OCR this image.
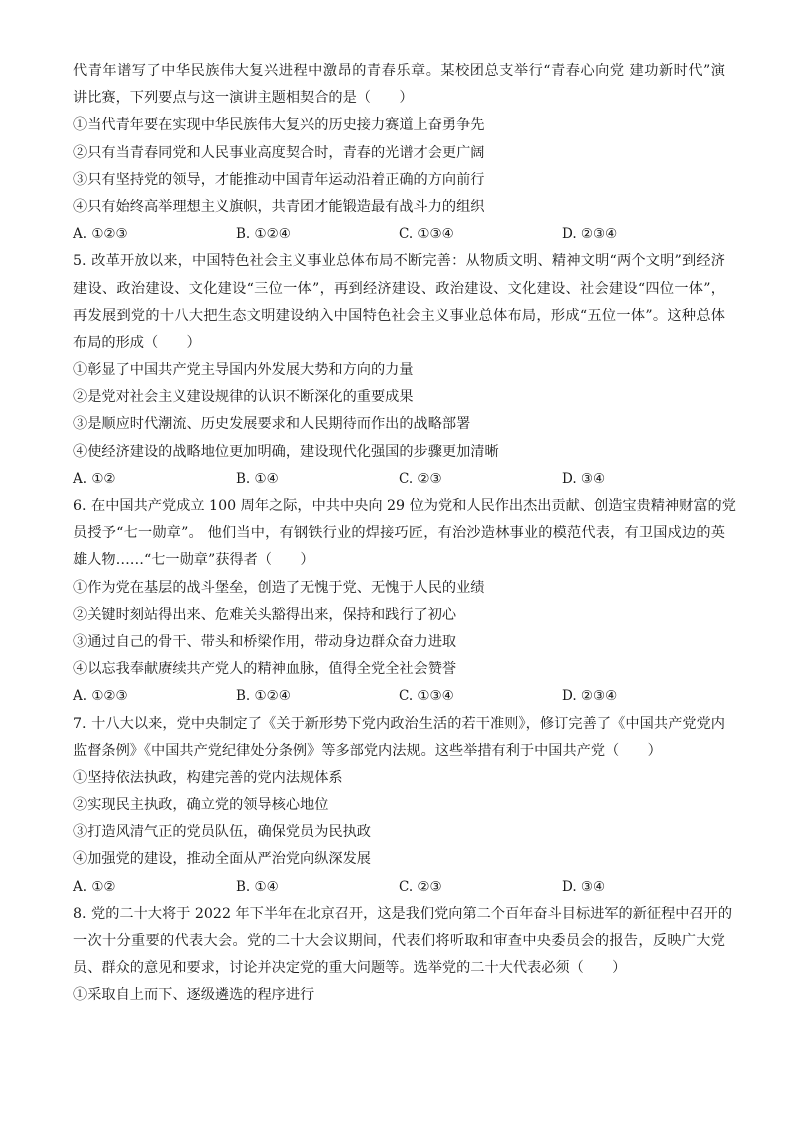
代青年谱写了中华民族伟大复兴进程中激昂的青春乐章。某校团总支举行“青春心向党 建功新时代”演
讲比赛，下列要点与这一演讲主题相契合的是（　　）
①当代青年要在实现中华民族伟大复兴的历史接力赛道上奋勇争先
②只有当青春同党和人民事业高度契合时，青春的光谱才会更广阔
③只有坚持党的领导，才能推动中国青年运动沿着正确的方向前行
④只有始终高举理想主义旗帜，共青团才能锻造最有战斗力的组织
A. ①②③	B. ①②④	C. ①③④	D. ②③④
5. 改革开放以来，中国特色社会主义事业总体布局不断完善：从物质文明、精神文明“两个文明”到经济
建设、政治建设、文化建设“三位一体”，再到经济建设、政治建设、文化建设、社会建设“四位一体”，
再发展到党的十八大把生态文明建设纳入中国特色社会主义事业总体布局，形成“五位一体”。这种总体
布局的形成（　　）
①彰显了中国共产党主导国内外发展大势和方向的力量
②是党对社会主义建设规律的认识不断深化的重要成果
③是顺应时代潮流、历史发展要求和人民期待而作出的战略部署
④使经济建设的战略地位更加明确，建设现代化强国的步骤更加清晰
A. ①②	B. ①④	C. ②③	D. ③④
6. 在中国共产党成立 100 周年之际，中共中央向 29 位为党和人民作出杰出贡献、创造宝贵精神财富的党
员授予“七一勋章”。 他们当中，有钢铁行业的焊接巧匠，有治沙造林事业的模范代表，有卫国戍边的英
雄人物……“七一勋章”获得者（　　）
①作为党在基层的战斗堡垒，创造了无愧于党、无愧于人民的业绩
②关键时刻站得出来、危难关头豁得出来，保持和践行了初心
③通过自己的骨干、带头和桥梁作用，带动身边群众奋力进取
④以忘我奉献赓续共产党人的精神血脉，值得全党全社会赞誉
A. ①②③	B. ①②④	C. ①③④	D. ②③④
7. 十八大以来，党中央制定了《关于新形势下党内政治生活的若干准则》，修订完善了《中国共产党党内
监督条例》《中国共产党纪律处分条例》等多部党内法规。这些举措有利于中国共产党（　　）
①坚持依法执政，构建完善的党内法规体系
②实现民主执政，确立党的领导核心地位
③打造风清气正的党员队伍，确保党员为民执政
④加强党的建设，推动全面从严治党向纵深发展
A. ①②	B. ①④	C. ②③	D. ③④
8. 党的二十大将于 2022 年下半年在北京召开，这是我们党向第二个百年奋斗目标进军的新征程中召开的
一次十分重要的代表大会。党的二十大会议期间，代表们将听取和审查中央委员会的报告，反映广大党
员、群众的意见和要求，讨论并决定党的重大问题等。选举党的二十大代表必须（　　）
①采取自上而下、逐级遴选的程序进行
